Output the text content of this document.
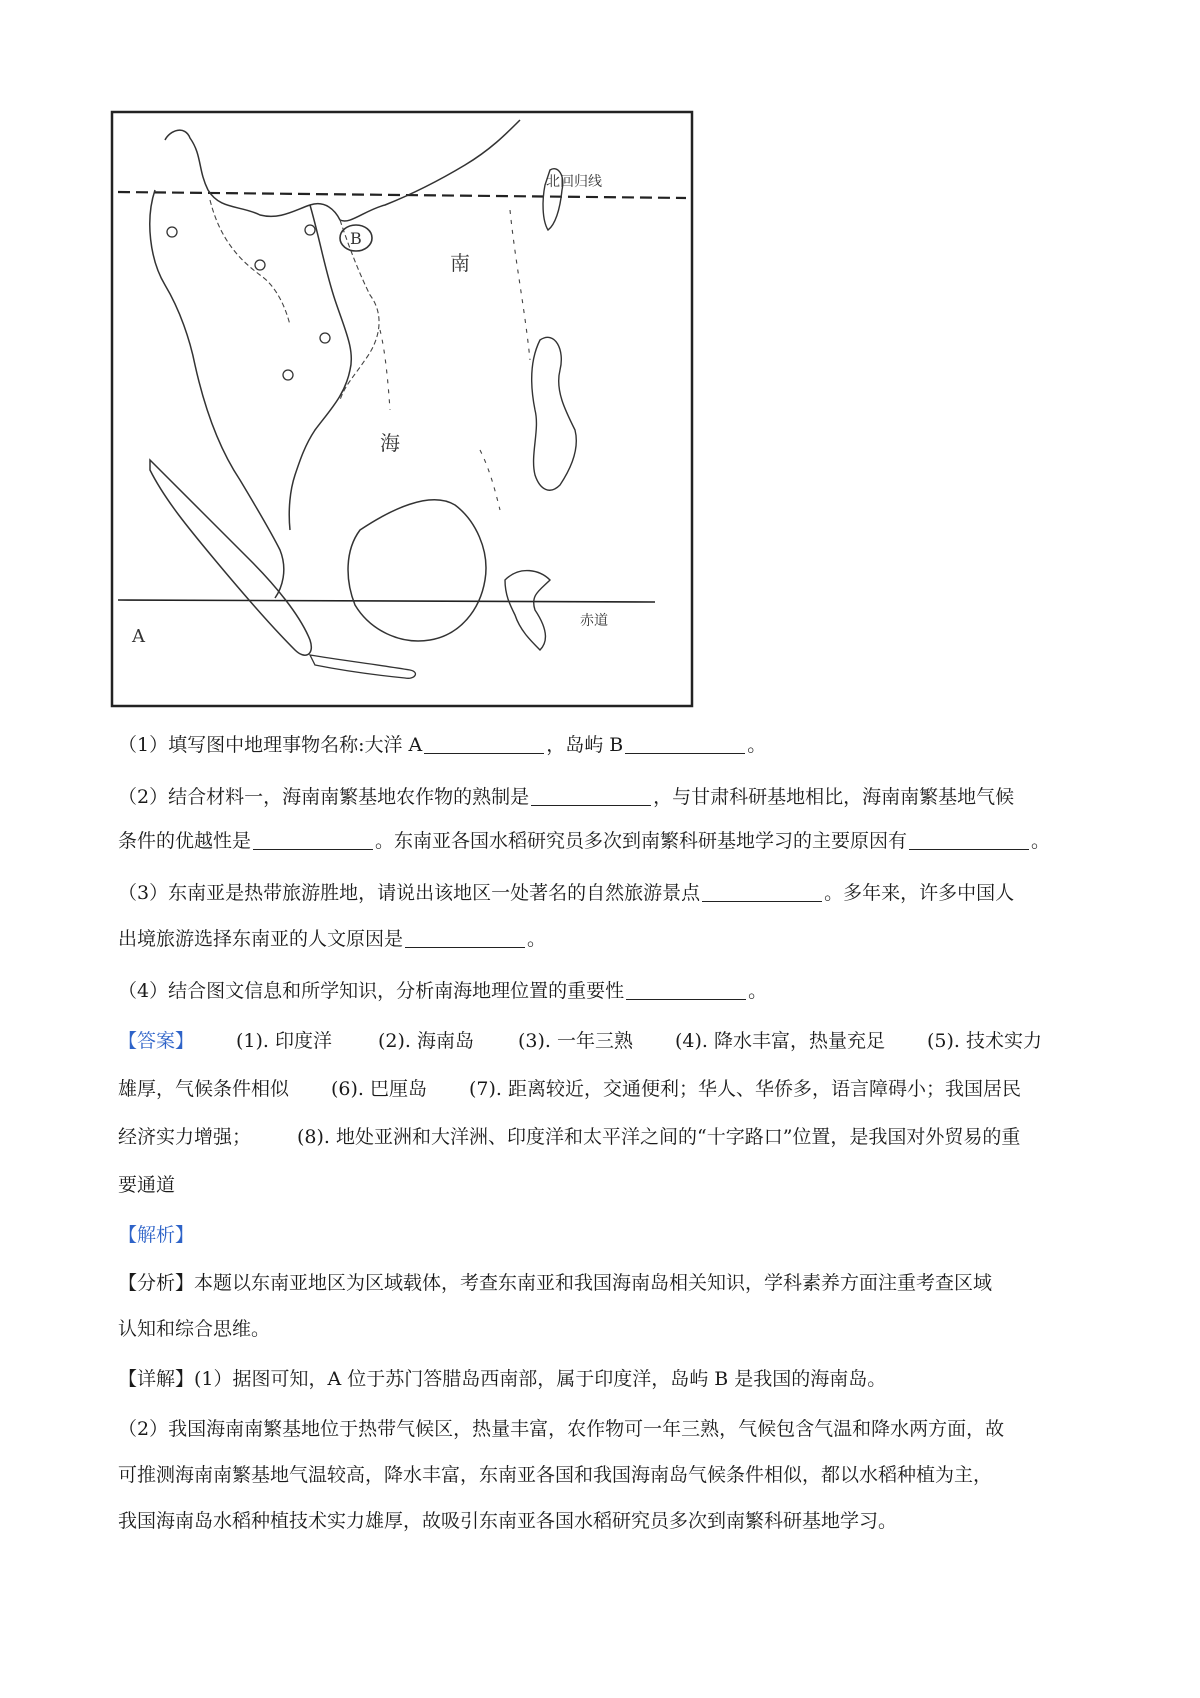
北回归线
赤道
A
B
南
海
（1）填写图中地理事物名称:大洋 A	，岛屿 B	。
（2）结合材料一，海南南繁基地农作物的熟制是	，与甘肃科研基地相比，海南南繁基地气候
条件的优越性是	。东南亚各国水稻研究员多次到南繁科研基地学习的主要原因有	。
（3）东南亚是热带旅游胜地，请说出该地区一处著名的自然旅游景点	。多年来，许多中国人
出境旅游选择东南亚的人文原因是	。
（4）结合图文信息和所学知识，分析南海地理位置的重要性	。
【答案】 (1). 印度洋 (2). 海南岛 (3). 一年三熟 (4). 降水丰富，热量充足 (5). 技术实力
雄厚，气候条件相似 (6). 巴厘岛 (7). 距离较近，交通便利；华人、华侨多，语言障碍小；我国居民
经济实力增强； (8). 地处亚洲和大洋洲、印度洋和太平洋之间的“十字路口”位置，是我国对外贸易的重
要通道
【解析】
【分析】本题以东南亚地区为区域载体，考查东南亚和我国海南岛相关知识，学科素养方面注重考查区域
认知和综合思维。
【详解】(1）据图可知，A 位于苏门答腊岛西南部，属于印度洋，岛屿 B 是我国的海南岛。
（2）我国海南南繁基地位于热带气候区，热量丰富，农作物可一年三熟，气候包含气温和降水两方面，故
可推测海南南繁基地气温较高，降水丰富，东南亚各国和我国海南岛气候条件相似，都以水稻种植为主，
我国海南岛水稻种植技术实力雄厚，故吸引东南亚各国水稻研究员多次到南繁科研基地学习。
